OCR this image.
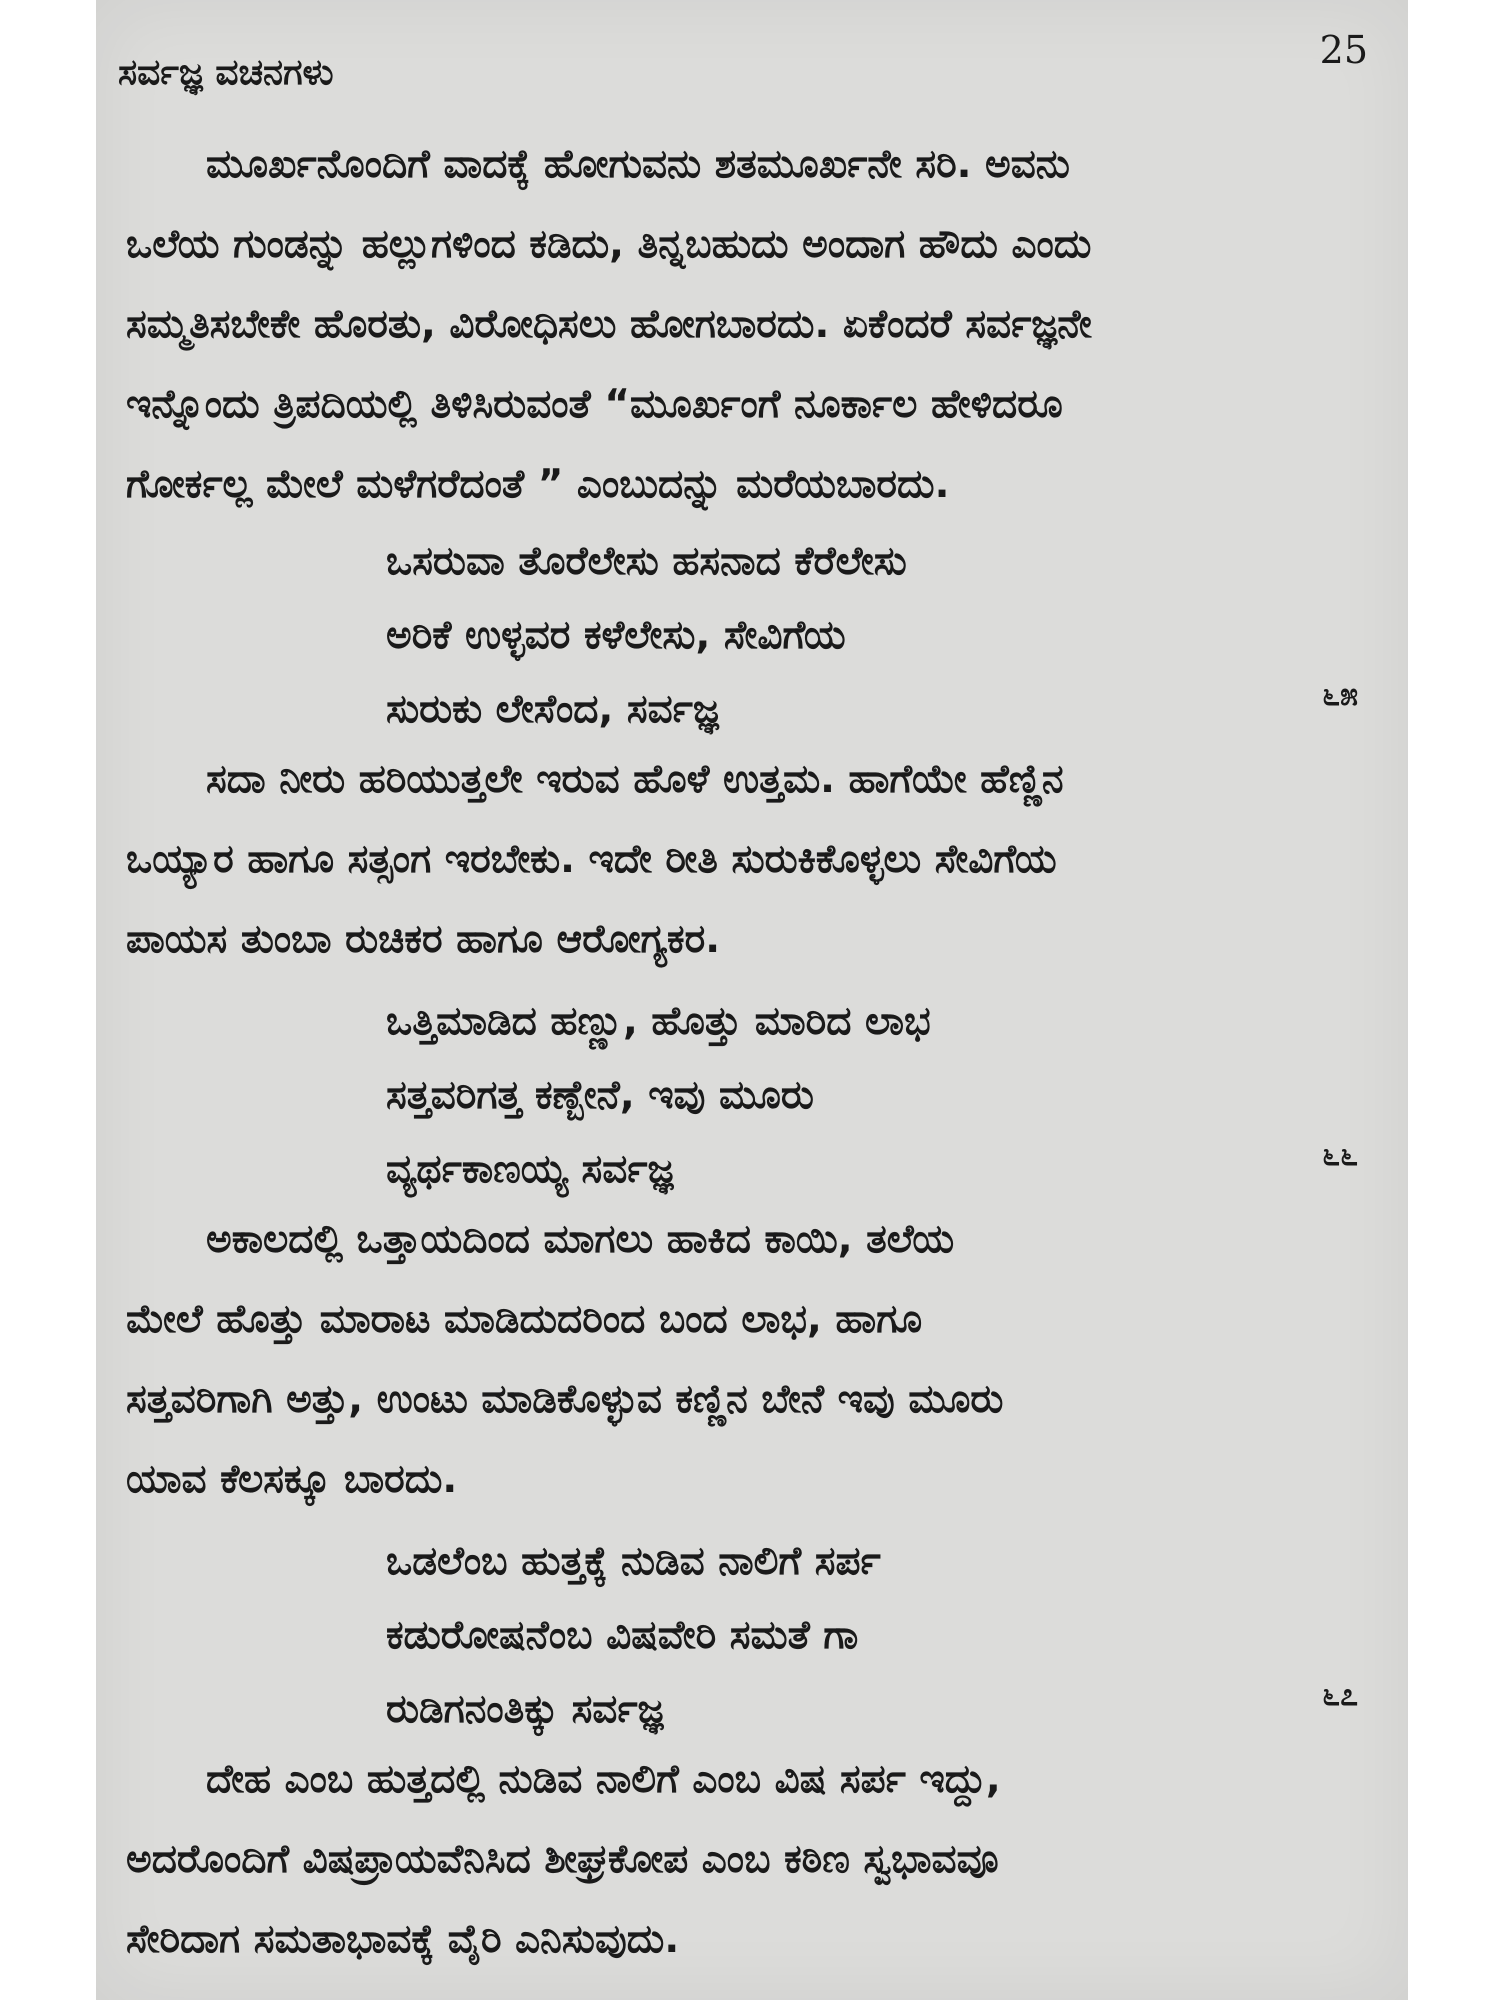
ಸರ್ವಜ್ಞ ವಚನಗಳು
25
ಮೂರ್ಖನೊಂದಿಗೆ ವಾದಕ್ಕೆ ಹೋಗುವನು ಶತಮೂರ್ಖನೇ ಸರಿ. ಅವನು
ಒಲೆಯ ಗುಂಡನ್ನು ಹಲ್ಲುಗಳಿಂದ ಕಡಿದು, ತಿನ್ನಬಹುದು ಅಂದಾಗ ಹೌದು ಎಂದು
ಸಮ್ಮತಿಸಬೇಕೇ ಹೊರತು, ವಿರೋಧಿಸಲು ಹೋಗಬಾರದು. ಏಕೆಂದರೆ ಸರ್ವಜ್ಞನೇ
ಇನ್ನೊಂದು ತ್ರಿಪದಿಯಲ್ಲಿ ತಿಳಿಸಿರುವಂತೆ “ಮೂರ್ಖಂಗೆ ನೂರ್ಕಾಲ ಹೇಳಿದರೂ
ಗೋರ್ಕಲ್ಲ ಮೇಲೆ ಮಳೆಗರೆದಂತೆ ” ಎಂಬುದನ್ನು ಮರೆಯಬಾರದು.
ಒಸರುವಾ ತೊರೆಲೇಸು ಹಸನಾದ ಕೆರೆಲೇಸು
ಅರಿಕೆ ಉಳ್ಳವರ ಕಳೆಲೇಸು, ಸೇವಿಗೆಯ
ಸುರುಕು ಲೇಸೆಂದ, ಸರ್ವಜ್ಞ	೬೫
ಸದಾ ನೀರು ಹರಿಯುತ್ತಲೇ ಇರುವ ಹೊಳೆ ಉತ್ತಮ. ಹಾಗೆಯೇ ಹೆಣ್ಣಿನ
ಒಯ್ಯಾರ ಹಾಗೂ ಸತ್ಸಂಗ ಇರಬೇಕು. ಇದೇ ರೀತಿ ಸುರುಕಿಕೊಳ್ಳಲು ಸೇವಿಗೆಯ
ಪಾಯಸ ತುಂಬಾ ರುಚಿಕರ ಹಾಗೂ ಆರೋಗ್ಯಕರ.
ಒತ್ತಿಮಾಡಿದ ಹಣ್ಣು, ಹೊತ್ತು ಮಾರಿದ ಲಾಭ
ಸತ್ತವರಿಗತ್ತ ಕಣ್ಬೇನೆ, ಇವು ಮೂರು
ವ್ಯರ್ಥಕಾಣಯ್ಯ ಸರ್ವಜ್ಞ	೬೬
ಅಕಾಲದಲ್ಲಿ ಒತ್ತಾಯದಿಂದ ಮಾಗಲು ಹಾಕಿದ ಕಾಯಿ, ತಲೆಯ
ಮೇಲೆ ಹೊತ್ತು ಮಾರಾಟ ಮಾಡಿದುದರಿಂದ ಬಂದ ಲಾಭ, ಹಾಗೂ
ಸತ್ತವರಿಗಾಗಿ ಅತ್ತು, ಉಂಟು ಮಾಡಿಕೊಳ್ಳುವ ಕಣ್ಣಿನ ಬೇನೆ ಇವು ಮೂರು
ಯಾವ ಕೆಲಸಕ್ಕೂ ಬಾರದು.
ಒಡಲೆಂಬ ಹುತ್ತಕ್ಕೆ ನುಡಿವ ನಾಲಿಗೆ ಸರ್ಪ
ಕಡುರೋಷನೆಂಬ ವಿಷವೇರಿ ಸಮತೆ ಗಾ
ರುಡಿಗನಂತಿಕ್ಕು ಸರ್ವಜ್ಞ	೬೭
ದೇಹ ಎಂಬ ಹುತ್ತದಲ್ಲಿ ನುಡಿವ ನಾಲಿಗೆ ಎಂಬ ವಿಷ ಸರ್ಪ ಇದ್ದು,
ಅದರೊಂದಿಗೆ ವಿಷಪ್ರಾಯವೆನಿಸಿದ ಶೀಘ್ರಕೋಪ ಎಂಬ ಕಠಿಣ ಸ್ವಭಾವವೂ
ಸೇರಿದಾಗ ಸಮತಾಭಾವಕ್ಕೆ ವೈರಿ ಎನಿಸುವುದು.
